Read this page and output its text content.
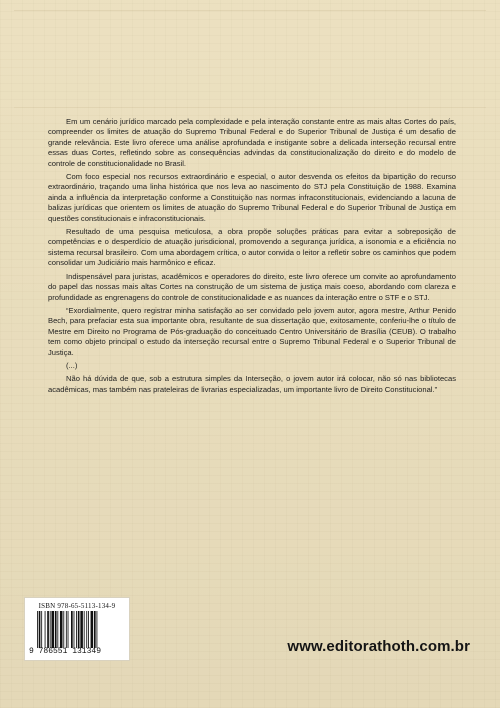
Em um cenário jurídico marcado pela complexidade e pela interação constante entre as mais altas Cortes do país, compreender os limites de atuação do Supremo Tribunal Federal e do Superior Tribunal de Justiça é um desafio de grande relevância. Este livro oferece uma análise aprofundada e instigante sobre a delicada interseção recursal entre essas duas Cortes, refletindo sobre as consequências advindas da constitucionalização do direito e do modelo de controle de constitucionalidade no Brasil.

Com foco especial nos recursos extraordinário e especial, o autor desvenda os efeitos da bipartição do recurso extraordinário, traçando uma linha histórica que nos leva ao nascimento do STJ pela Constituição de 1988. Examina ainda a influência da interpretação conforme a Constituição nas normas infraconstitucionais, evidenciando a lacuna de balizas jurídicas que orientem os limites de atuação do Supremo Tribunal Federal e do Superior Tribunal de Justiça em questões constitucionais e infraconstitucionais.

Resultado de uma pesquisa meticulosa, a obra propõe soluções práticas para evitar a sobreposição de competências e o desperdício de atuação jurisdicional, promovendo a segurança jurídica, a isonomia e a eficiência no sistema recursal brasileiro. Com uma abordagem crítica, o autor convida o leitor a refletir sobre os caminhos que podem consolidar um Judiciário mais harmônico e eficaz.

Indispensável para juristas, acadêmicos e operadores do direito, este livro oferece um convite ao aprofundamento do papel das nossas mais altas Cortes na construção de um sistema de justiça mais coeso, abordando com clareza e profundidade as engrenagens do controle de constitucionalidade e as nuances da interação entre o STF e o STJ.

“Exordialmente, quero registrar minha satisfação ao ser convidado pelo jovem autor, agora mestre, Arthur Penido Bech, para prefaciar esta sua importante obra, resultante de sua dissertação que, exitosamente, conferiu-lhe o título de Mestre em Direito no Programa de Pós-graduação do conceituado Centro Universitário de Brasília (CEUB). O trabalho tem como objeto principal o estudo da interseção recursal entre o Supremo Tribunal Federal e o Superior Tribunal de Justiça.

(...)

Não há dúvida de que, sob a estrutura simples da Interseção, o jovem autor irá colocar, não só nas bibliotecas acadêmicas, mas também nas prateleiras de livrarias especializadas, um importante livro de Direito Constitucional.”

ISBN 978-65-5113-134-9
9 786551 131349	www.editorathoth.com.br
